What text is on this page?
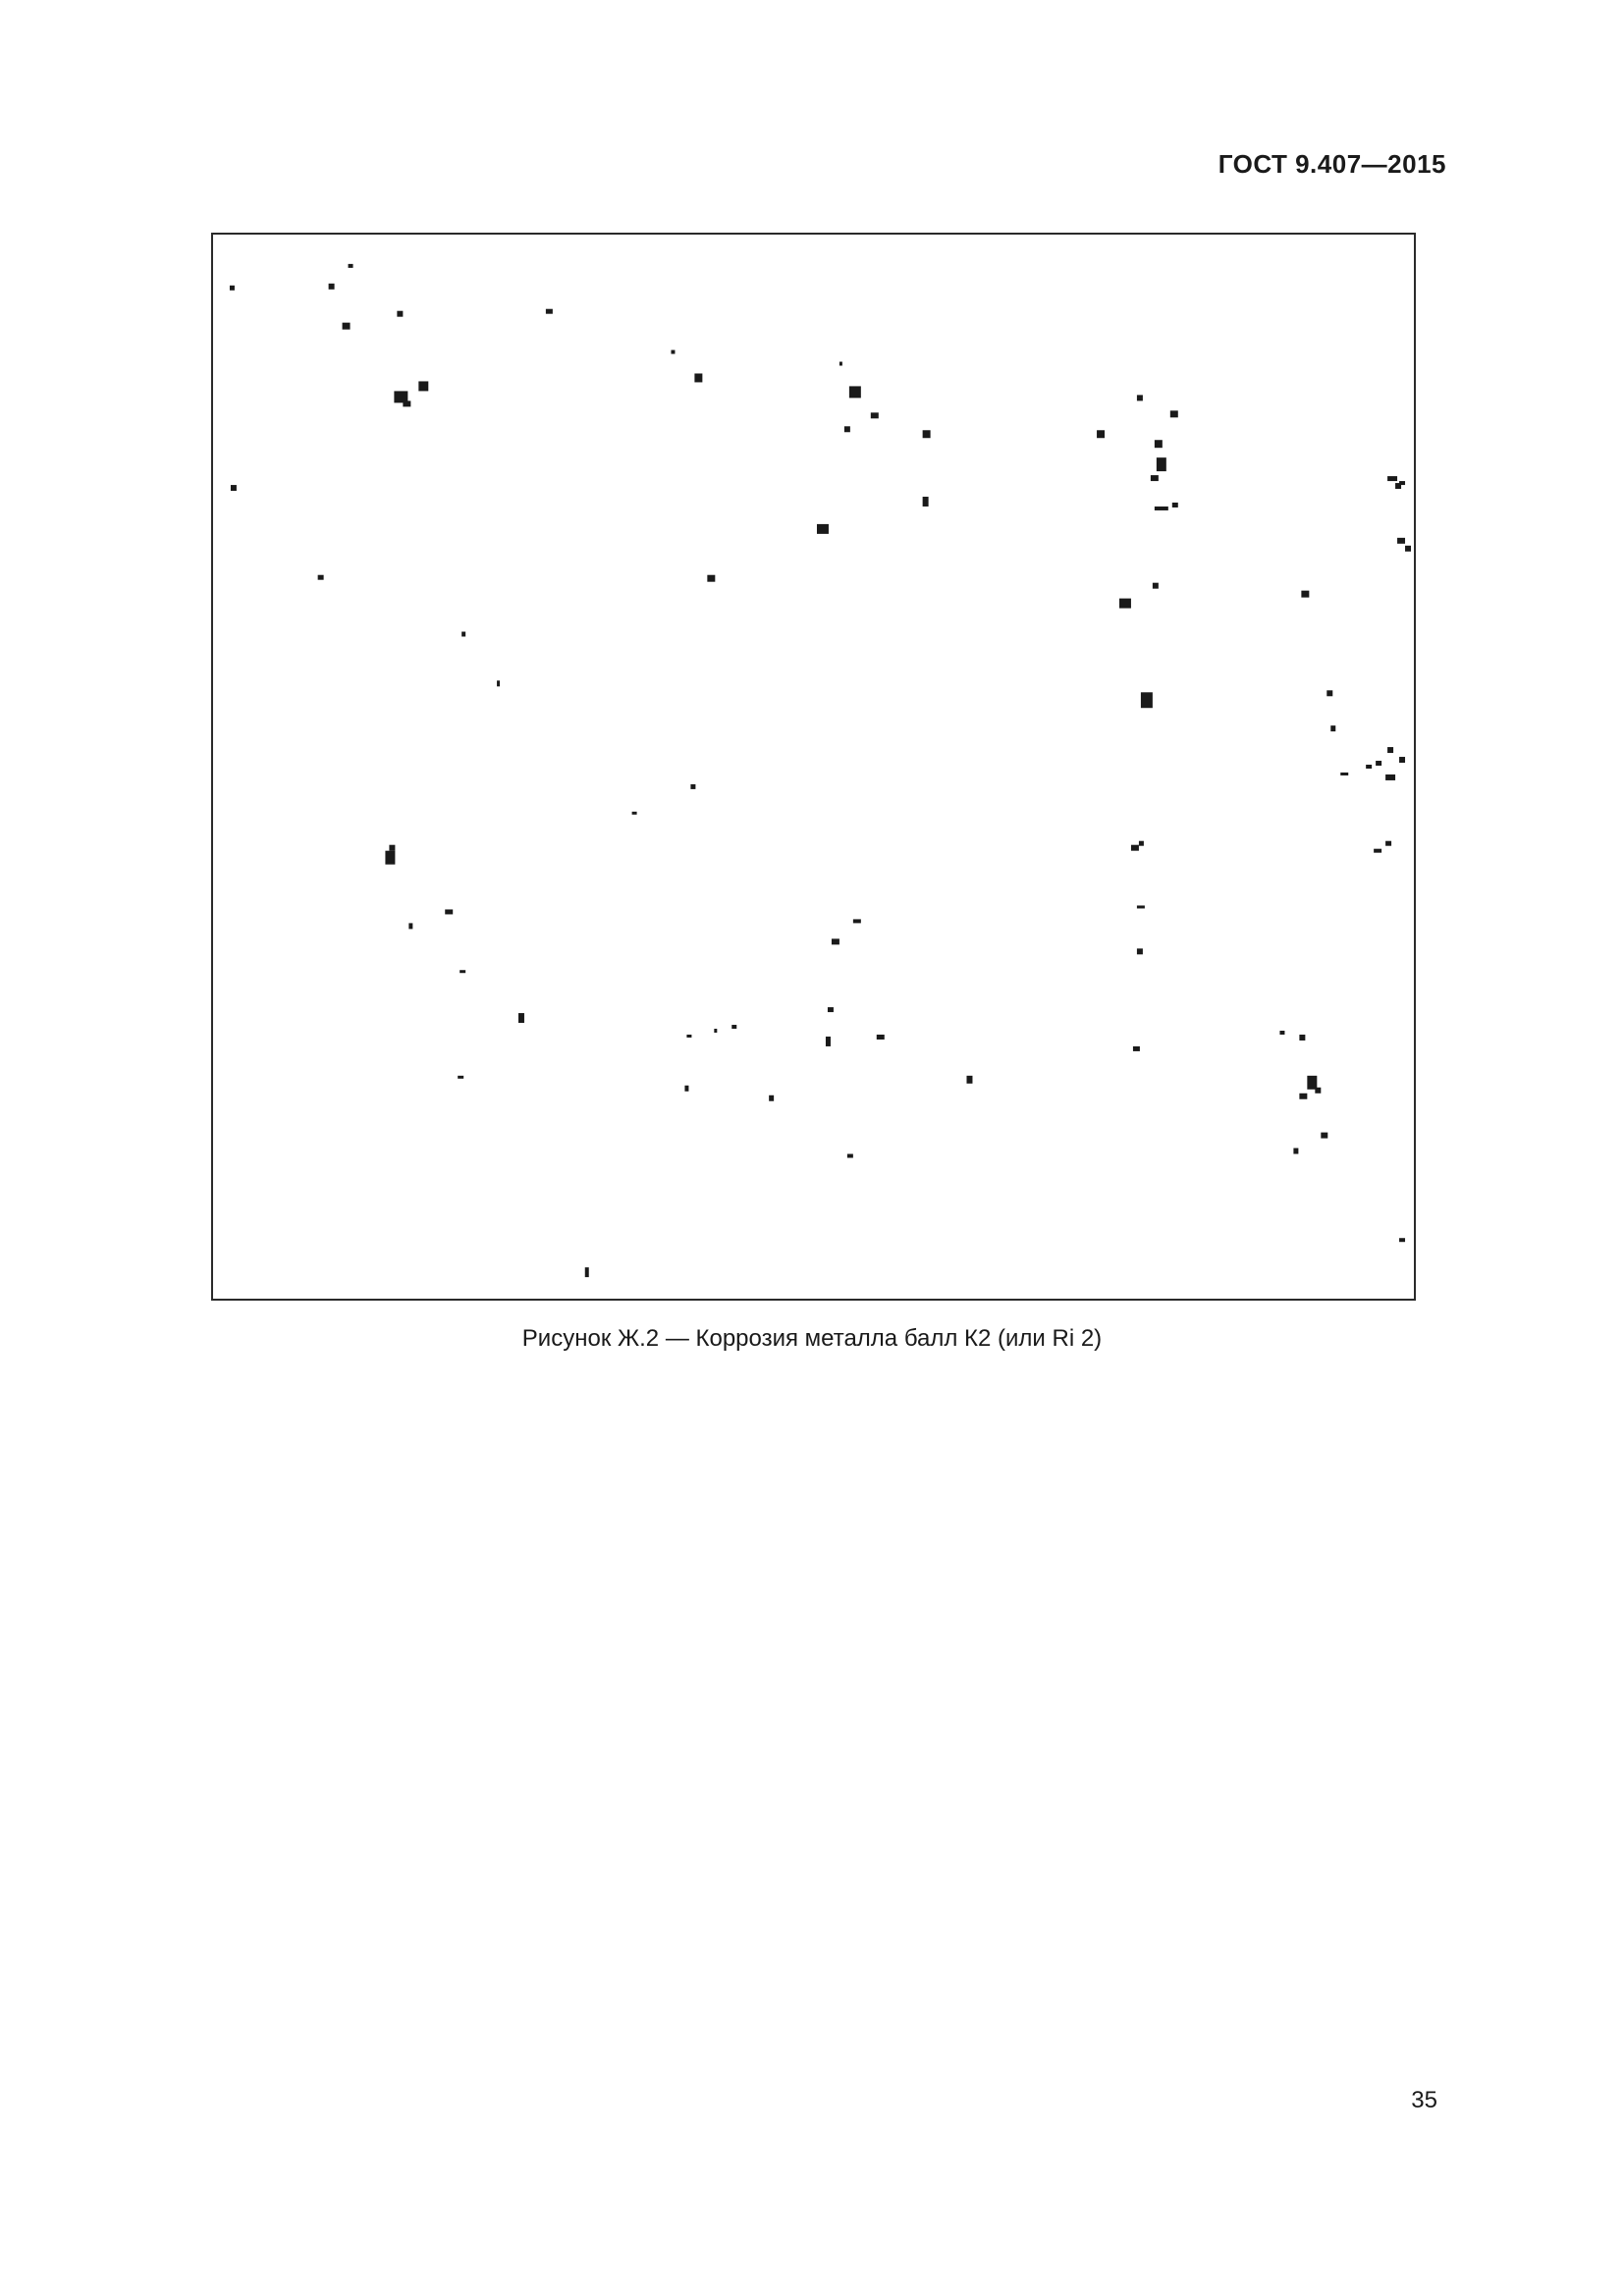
ГОСТ 9.407—2015
Рисунок Ж.2 — Коррозия металла балл К2 (или Ri 2)
35
